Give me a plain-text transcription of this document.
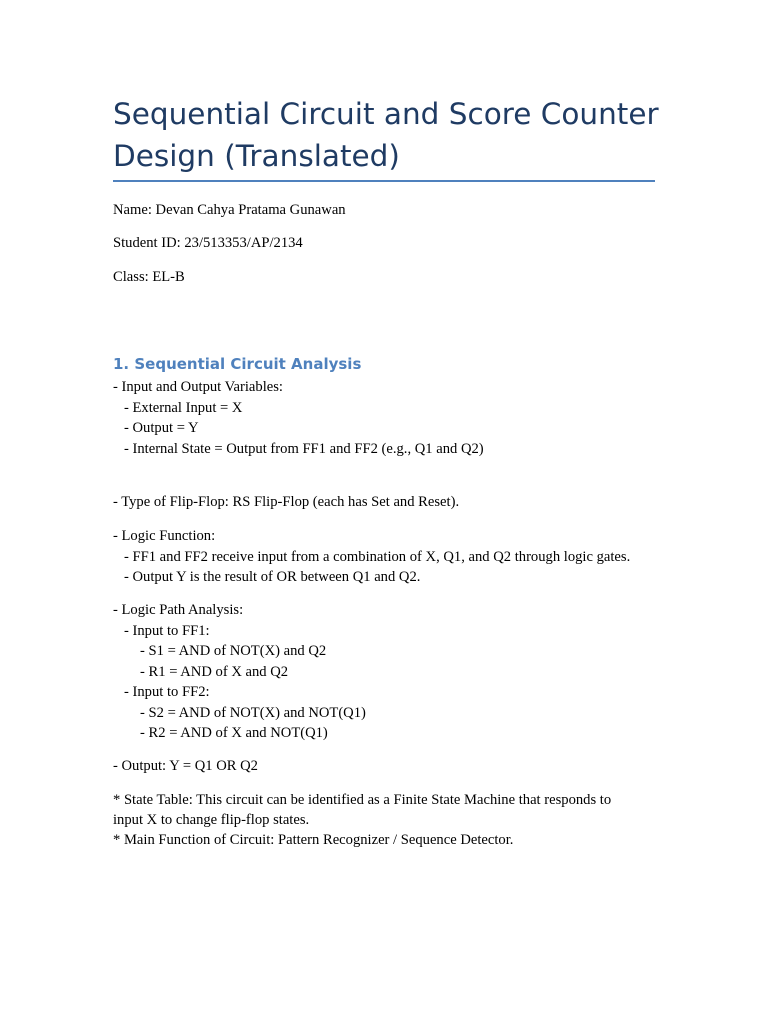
Sequential Circuit and Score Counter Design (Translated)
Name: Devan Cahya Pratama Gunawan
Student ID: 23/513353/AP/2134
Class: EL-B
1. Sequential Circuit Analysis
- Input and Output Variables:
- External Input = X
- Output = Y
- Internal State = Output from FF1 and FF2 (e.g., Q1 and Q2)
- Type of Flip-Flop: RS Flip-Flop (each has Set and Reset).
- Logic Function:
- FF1 and FF2 receive input from a combination of X, Q1, and Q2 through logic gates.
- Output Y is the result of OR between Q1 and Q2.
- Logic Path Analysis:
- Input to FF1:
- S1 = AND of NOT(X) and Q2
- R1 = AND of X and Q2
- Input to FF2:
- S2 = AND of NOT(X) and NOT(Q1)
- R2 = AND of X and NOT(Q1)
- Output: Y = Q1 OR Q2
* State Table: This circuit can be identified as a Finite State Machine that responds to input X to change flip-flop states.
* Main Function of Circuit: Pattern Recognizer / Sequence Detector.
